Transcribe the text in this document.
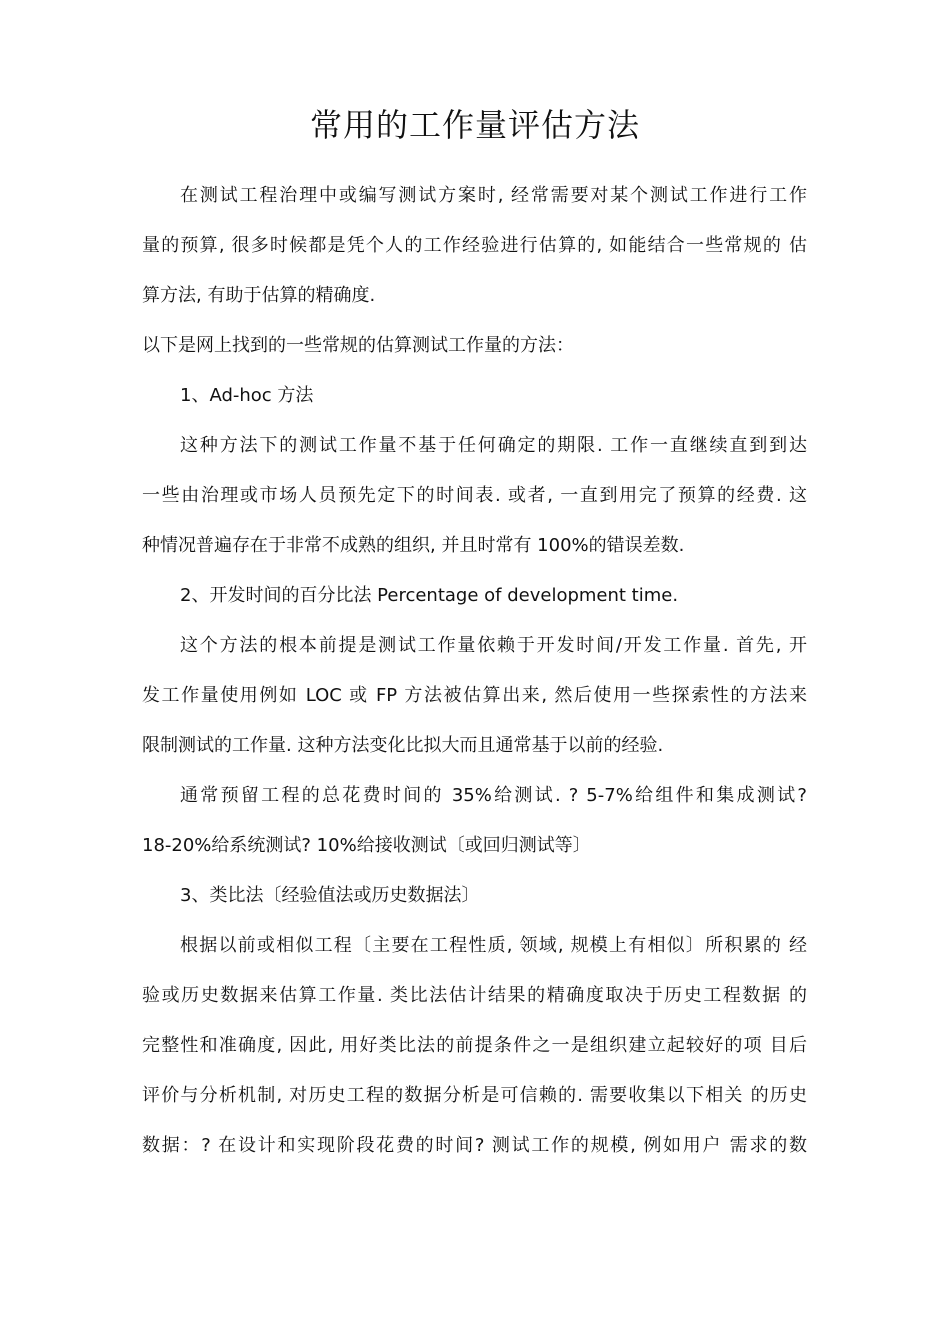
常用的工作量评估方法

在测试工程治理中或编写测试方案时, 经常需要对某个测试工作进行工作

量的预算, 很多时候都是凭个人的工作经验进行估算的, 如能结合一些常规的 估

算方法, 有助于估算的精确度.

以下是网上找到的一些常规的估算测试工作量的方法：

1、Ad-hoc 方法

这种方法下的测试工作量不基于任何确定的期限. 工作一直继续直到到达

一些由治理或市场人员预先定下的时间表. 或者, 一直到用完了预算的经费. 这

种情况普遍存在于非常不成熟的组织, 并且时常有 100%的错误差数.

2、开发时间的百分比法 Percentage of development time.

这个方法的根本前提是测试工作量依赖于开发时间/开发工作量. 首先, 开

发工作量使用例如 LOC 或 FP 方法被估算出来, 然后使用一些探索性的方法来

限制测试的工作量. 这种方法变化比拟大而且通常基于以前的经验.

通常预留工程的总花费时间的 35%给测试. ? 5-7%给组件和集成测试?

18-20%给系统测试? 10%给接收测试〔或回归测试等〕

3、类比法〔经验值法或历史数据法〕

根据以前或相似工程〔主要在工程性质, 领域, 规模上有相似〕所积累的 经

验或历史数据来估算工作量. 类比法估计结果的精确度取决于历史工程数据 的

完整性和准确度, 因此, 用好类比法的前提条件之一是组织建立起较好的项 目后

评价与分析机制, 对历史工程的数据分析是可信赖的. 需要收集以下相关 的历史

数据：? 在设计和实现阶段花费的时间? 测试工作的规模, 例如用户 需求的数
